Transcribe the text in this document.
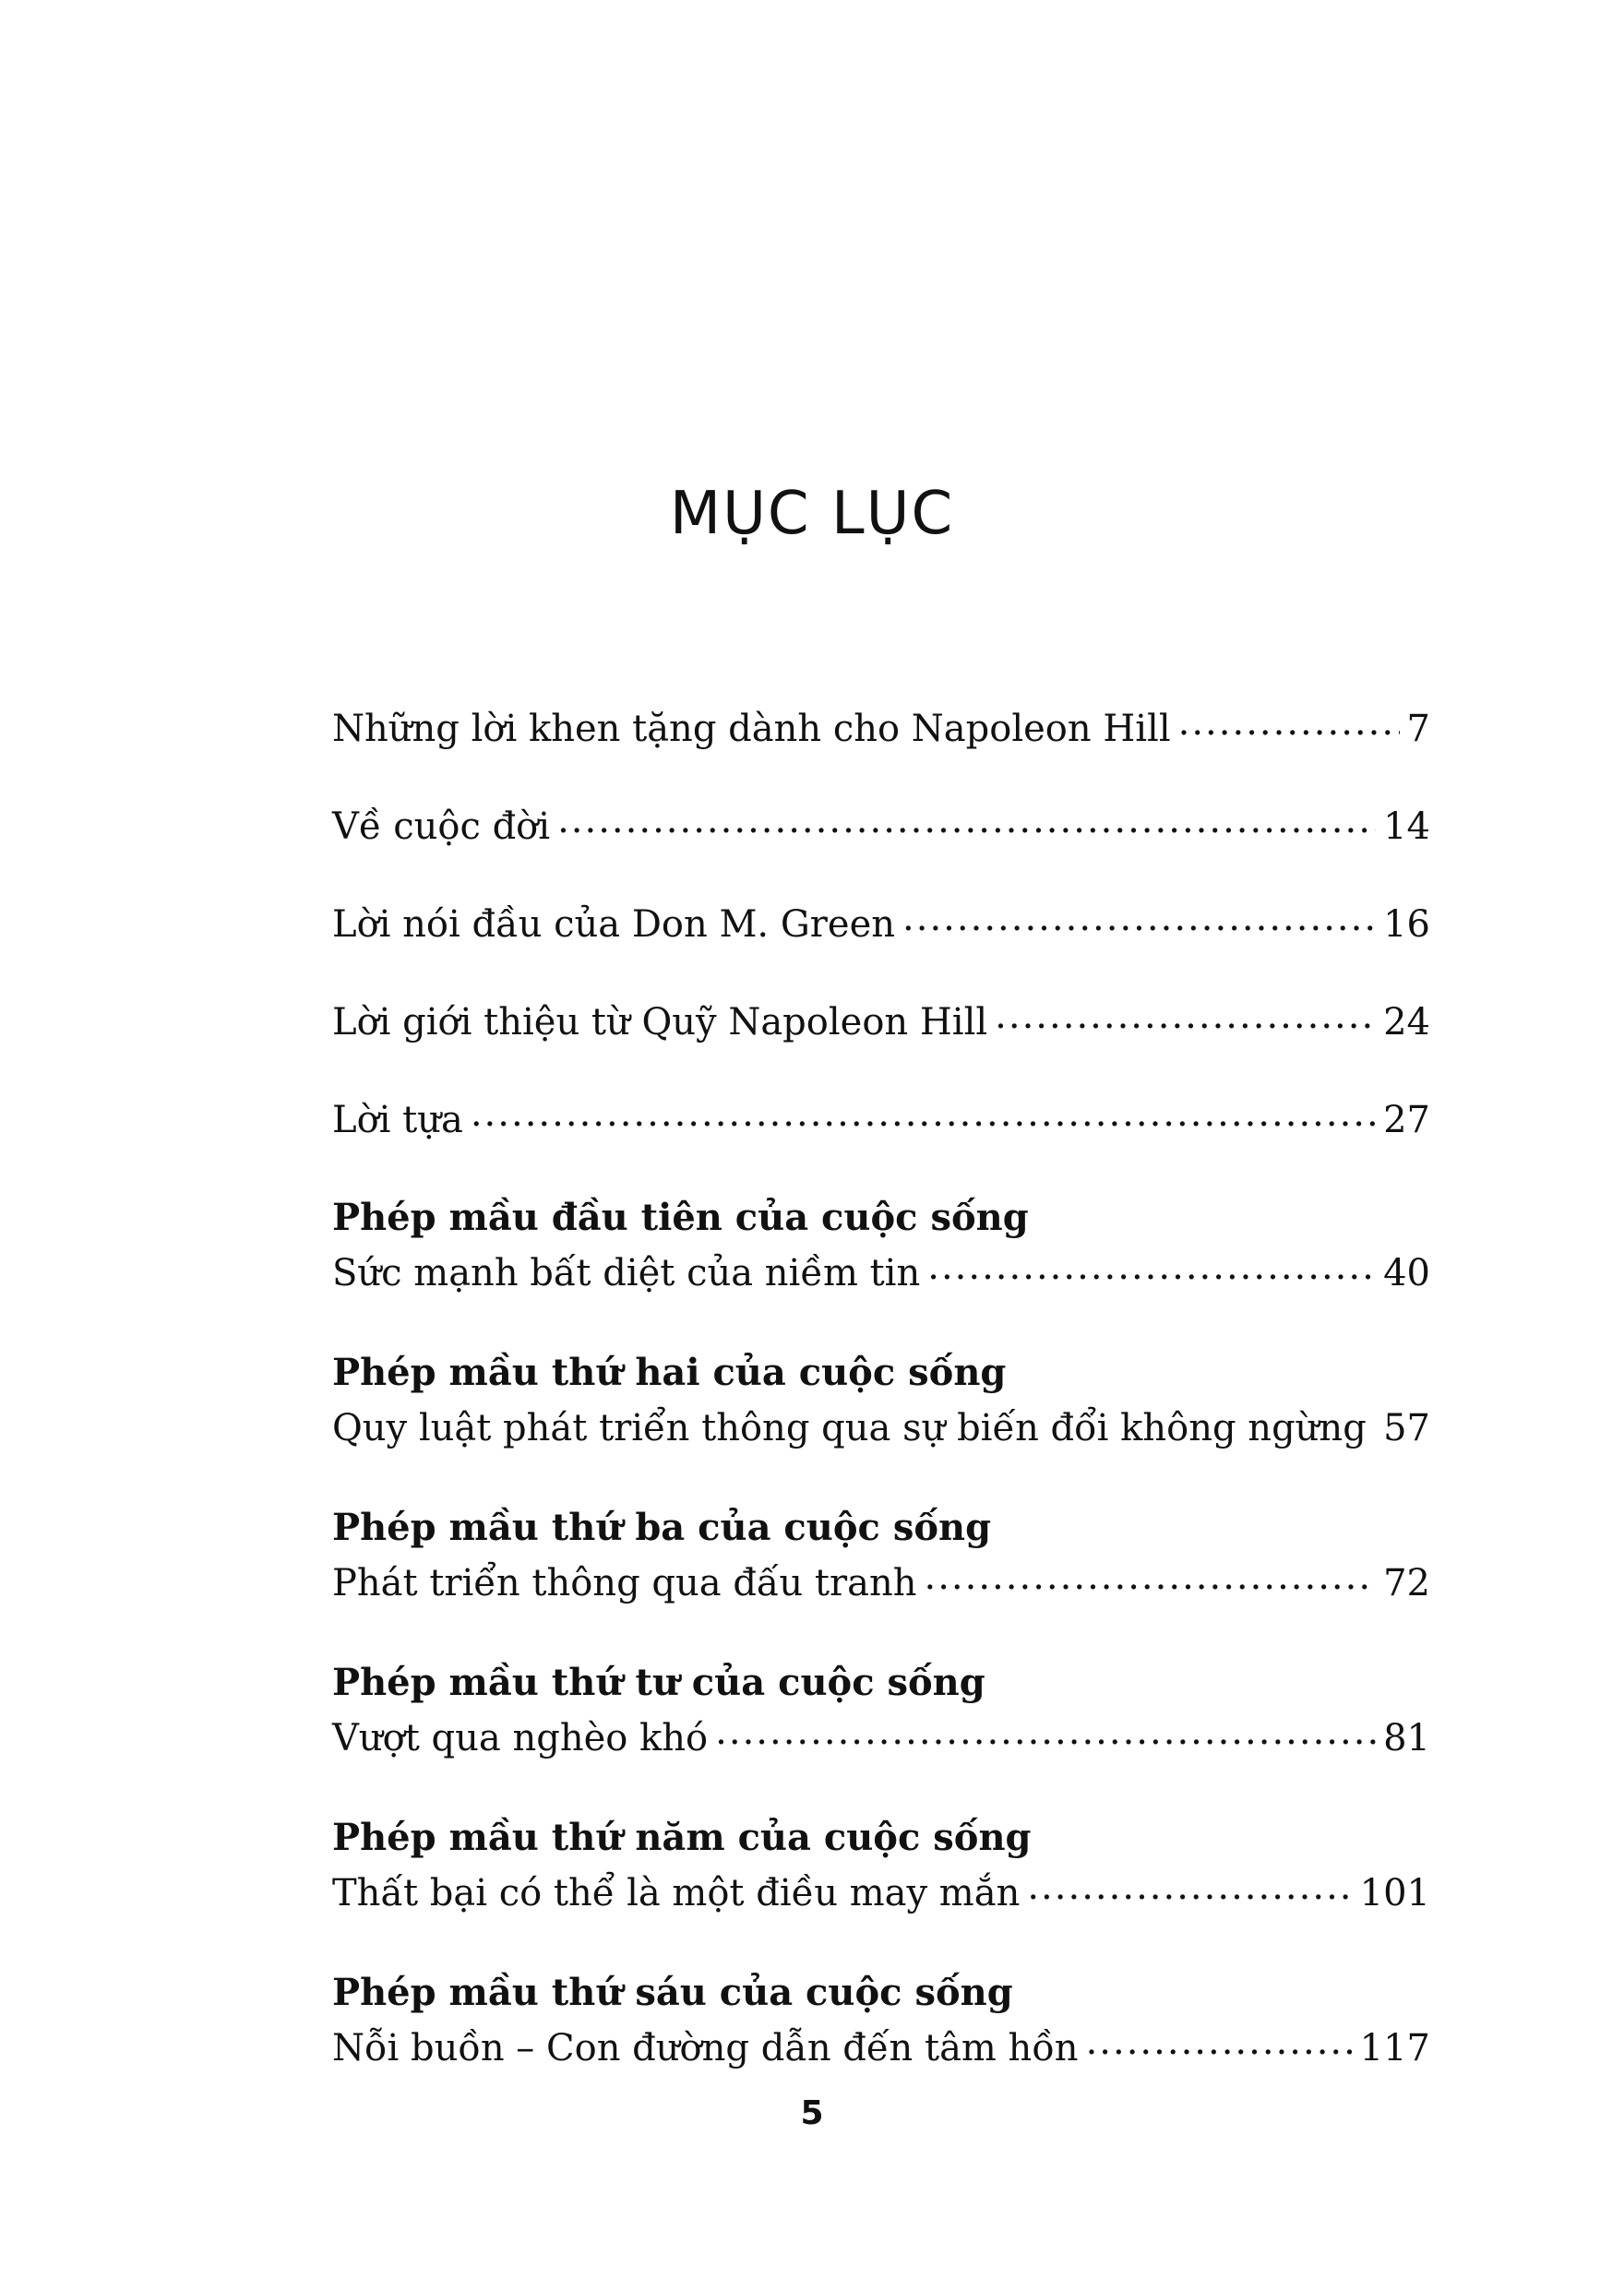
MỤC LỤC
Những lời khen tặng dành cho Napoleon Hill .....	7
Về cuộc đời .....	14
Lời nói đầu của Don M. Green .....	16
Lời giới thiệu từ Quỹ Napoleon Hill .....	24
Lời tựa .....	27
Phép mầu đầu tiên của cuộc sống
Sức mạnh bất diệt của niềm tin .....	40
Phép mầu thứ hai của cuộc sống
Quy luật phát triển thông qua sự biến đổi không ngừng ..... 57
Phép mầu thứ ba của cuộc sống
Phát triển thông qua đấu tranh .....	72
Phép mầu thứ tư của cuộc sống
Vượt qua nghèo khó .....	81
Phép mầu thứ năm của cuộc sống
Thất bại có thể là một điều may mắn .....	101
Phép mầu thứ sáu của cuộc sống
Nỗi buồn – Con đường dẫn đến tâm hồn .....	117
5
